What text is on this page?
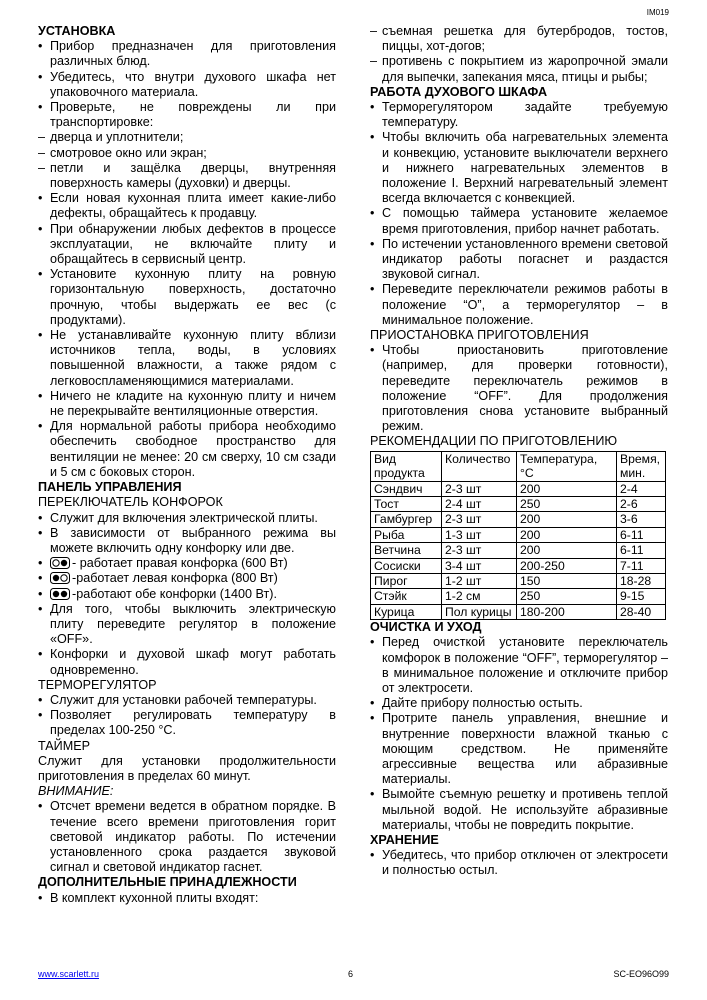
IM019
УСТАНОВКА
• Прибор предназначен для приготовления различных блюд.
• Убедитесь, что внутри духового шкафа нет упаковочного материала.
• Проверьте, не повреждены ли при транспортировке:
– дверца и уплотнители;
– смотровое окно или экран;
– петли и защёлка дверцы, внутренняя поверхность камеры (духовки) и дверцы.
• Если новая кухонная плита имеет какие-либо дефекты, обращайтесь к продавцу.
• При обнаружении любых дефектов в процессе эксплуатации, не включайте плиту и обращайтесь в сервисный центр.
• Установите кухонную плиту на ровную горизонтальную поверхность, достаточно прочную, чтобы выдержать ее вес (с продуктами).
• Не устанавливайте кухонную плиту вблизи источников тепла, воды, в условиях повышенной влажности, а также рядом с легковоспламеняющимися материалами.
• Ничего не кладите на кухонную плиту и ничем не перекрывайте вентиляционные отверстия.
• Для нормальной работы прибора необходимо обеспечить свободное пространство для вентиляции не менее: 20 см сверху, 10 см сзади и 5 см с боковых сторон.
ПАНЕЛЬ УПРАВЛЕНИЯ

ПЕРЕКЛЮЧАТЕЛЬ КОНФОРОК

• Служит для включения электрической плиты.
• В зависимости от выбранного режима вы можете включить одну конфорку или две.
• - работает правая конфорка (600 Вт)
• -работает левая конфорка (800 Вт)
• -работают обе конфорки (1400 Вт).
• Для того, чтобы выключить электрическую плиту переведите регулятор в положение «OFF».
• Конфорки и духовой шкаф могут работать одновременно.

ТЕРМОРЕГУЛЯТОР

• Служит для установки рабочей температуры.
• Позволяет регулировать температуру в пределах 100-250 °С.

ТАЙМЕР

Служит для установки продолжительности приготовления в пределах 60 минут.

ВНИМАНИЕ:

• Отсчет времени ведется в обратном порядке. В течение всего времени приготовления горит световой индикатор работы. По истечении установленного срока раздается звуковой сигнал и световой индикатор гаснет.
ДОПОЛНИТЕЛЬНЫЕ ПРИНАДЛЕЖНОСТИ
• В комплект кухонной плиты входят:
– съемная решетка для бутербродов, тостов, пиццы, хот-догов;
– противень с покрытием из жаропрочной эмали для выпечки, запекания мяса, птицы и рыбы;
РАБОТА ДУХОВОГО ШКАФА
• Терморегулятором задайте требуемую температуру.
• Чтобы включить оба нагревательных элемента и конвекцию, установите выключатели верхнего и нижнего нагревательных элементов в положение I. Верхний нагревательный элемент всегда включается с конвекцией.
• С помощью таймера установите желаемое время приготовления, прибор начнет работать.
• По истечении установленного времени световой индикатор работы погаснет и раздастся звуковой сигнал.
• Переведите переключатели режимов работы в положение “O”, а терморегулятор – в минимальное положение.

ПРИОСТАНОВКА ПРИГОТОВЛЕНИЯ

• Чтобы приостановить приготовление (например, для проверки готовности), переведите переключатель режимов в положение “OFF”. Для продолжения приготовления снова установите выбранный режим.

РЕКОМЕНДАЦИИ ПО ПРИГОТОВЛЕНИЮ

Вид продукта	Количество	Температура, °С	Время, мин.
Сэндвич	2-3 шт	200	2-4
Тост	2-4 шт	250	2-6
Гамбургер	2-3 шт	200	3-6
Рыба	1-3 шт	200	6-11
Ветчина	2-3 шт	200	6-11
Сосиски	3-4 шт	200-250	7-11
Пирог	1-2 шт	150	18-28
Стэйк	1-2 см	250	9-15
Курица	Пол курицы	180-200	28-40
ОЧИСТКА И УХОД
• Перед очисткой установите переключатель комфорок в положение “OFF”, терморегулятор – в минимальное положение и отключите прибор от электросети.
• Дайте прибору полностью остыть.
• Протрите панель управления, внешние и внутренние поверхности влажной тканью с моющим средством. Не применяйте агрессивные вещества или абразивные материалы.
• Вымойте съемную решетку и противень теплой мыльной водой. Не используйте абразивные материалы, чтобы не повредить покрытие.
ХРАНЕНИЕ
• Убедитесь, что прибор отключен от электросети и полностью остыл.
www.scarlett.ru	6	SC-EO96O99
